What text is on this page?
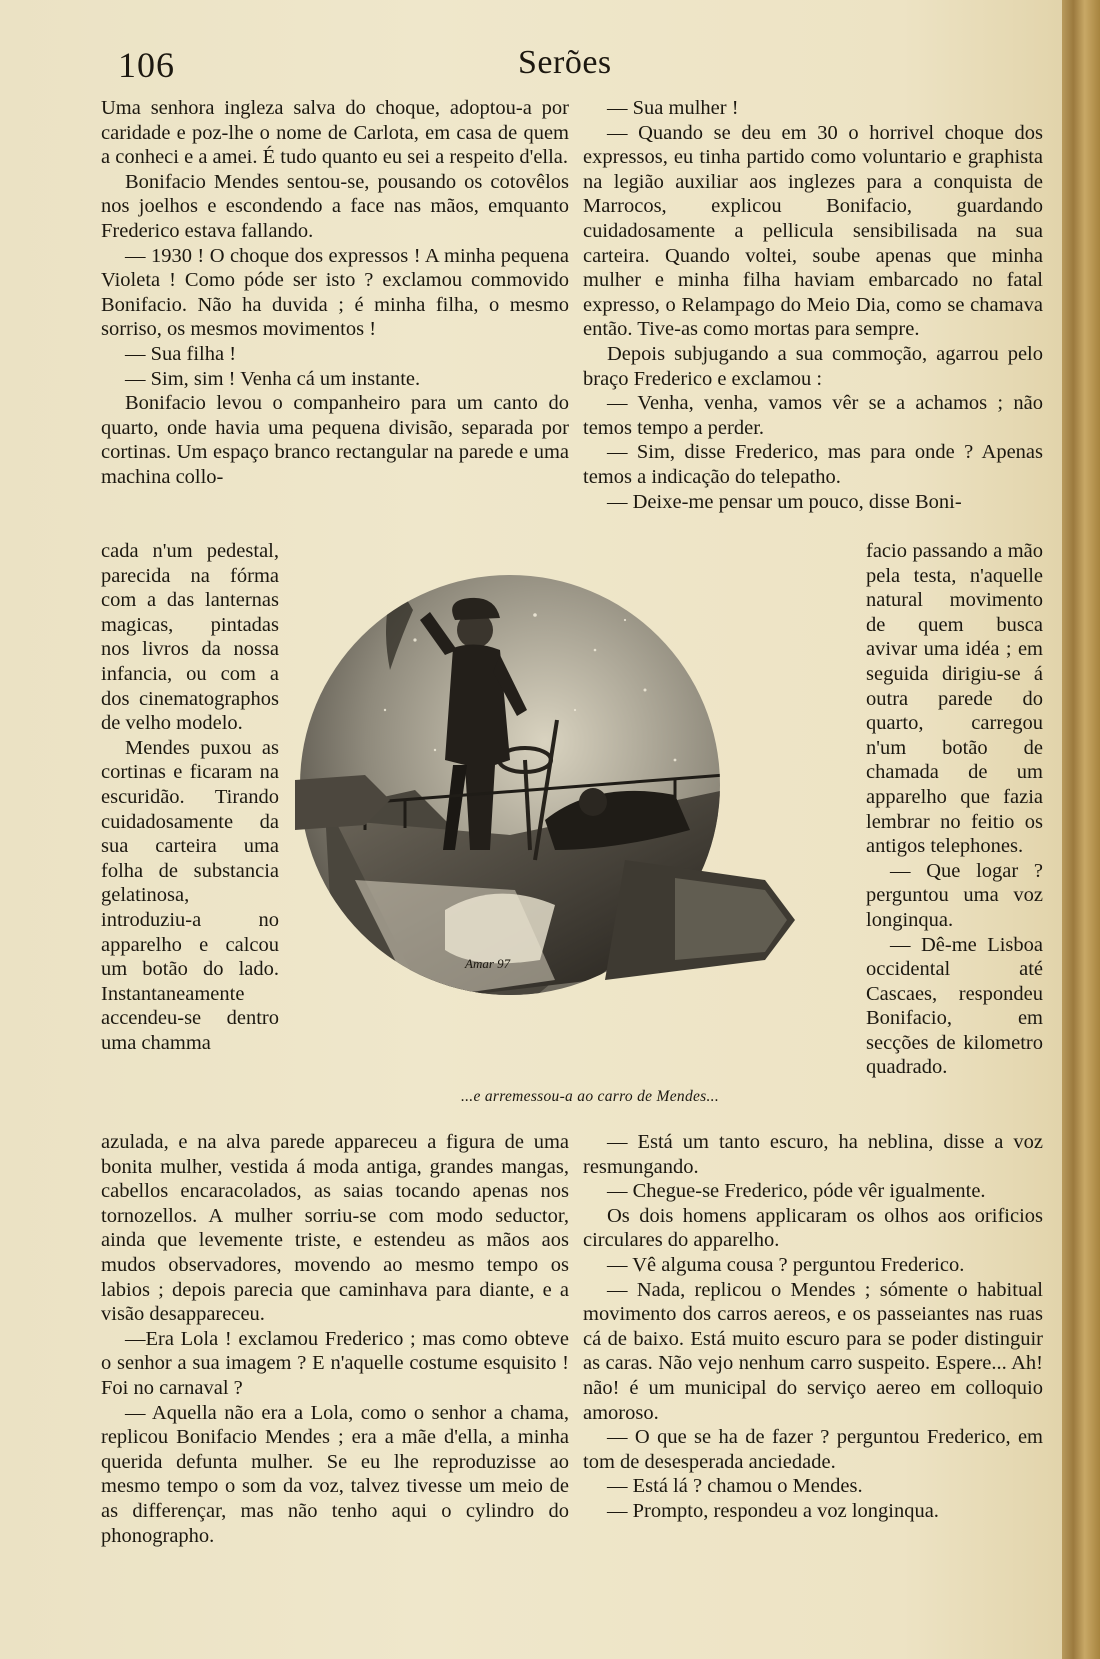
106	Serões

Uma senhora ingleza salva do choque, adoptou-a por caridade e poz-lhe o nome de Carlota, em casa de quem a conheci e a amei. É tudo quanto eu sei a respeito d'ella.

Bonifacio Mendes sentou-se, pousando os cotovêlos nos joelhos e escondendo a face nas mãos, emquanto Frederico estava fallando.

— 1930 ! O choque dos expressos ! A minha pequena Violeta ! Como póde ser isto ? exclamou commovido Bonifacio. Não ha duvida ; é minha filha, o mesmo sorriso, os mesmos movimentos !

— Sua filha !

— Sim, sim ! Venha cá um instante.

Bonifacio levou o companheiro para um canto do quarto, onde havia uma pequena divisão, separada por cortinas. Um espaço branco rectangular na parede e uma machina collo-

cada n'um pedestal, parecida na fórma com a das lanternas magicas, pintadas nos livros da nossa infancia, ou com a dos cinematographos de velho modelo.

Mendes puxou as cortinas e ficaram na escuridão. Tirando cuidadosamente da sua carteira uma folha de substancia gelatinosa, introduziu-a no apparelho e calcou um botão do lado. Instantaneamente accendeu-se dentro uma chamma

— Sua mulher !

— Quando se deu em 30 o horrivel choque dos expressos, eu tinha partido como voluntario e graphista na legião auxiliar aos inglezes para a conquista de Marrocos, explicou Bonifacio, guardando cuidadosamente a pellicula sensibilisada na sua carteira. Quando voltei, soube apenas que minha mulher e minha filha haviam embarcado no fatal expresso, o Relampago do Meio Dia, como se chamava então. Tive-as como mortas para sempre.

Depois subjugando a sua commoção, agarrou pelo braço Frederico e exclamou :

— Venha, venha, vamos vêr se a achamos ; não temos tempo a perder.

— Sim, disse Frederico, mas para onde ? Apenas temos a indicação do telepatho.

— Deixe-me pensar um pouco, disse Boni-

facio passando a mão pela testa, n'aquelle natural movimento de quem busca avivar uma idéa ; em seguida dirigiu-se á outra parede do quarto, carregou n'um botão de chamada de um apparelho que fazia lembrar no feitio os antigos telephones.

— Que logar ? perguntou uma voz longinqua.

— Dê-me Lisboa occidental até Cascaes, respondeu Bonifacio, em secções de kilometro quadrado.

Amar 97
...e arremessou-a ao carro de Mendes...

azulada, e na alva parede appareceu a figura de uma bonita mulher, vestida á moda antiga, grandes mangas, cabellos encaracolados, as saias tocando apenas nos tornozellos. A mulher sorriu-se com modo seductor, ainda que levemente triste, e estendeu as mãos aos mudos observadores, movendo ao mesmo tempo os labios ; depois parecia que caminhava para diante, e a visão desappareceu.

—Era Lola ! exclamou Frederico ; mas como obteve o senhor a sua imagem ? E n'aquelle costume esquisito ! Foi no carnaval ?

— Aquella não era a Lola, como o senhor a chama, replicou Bonifacio Mendes ; era a mãe d'ella, a minha querida defunta mulher. Se eu lhe reproduzisse ao mesmo tempo o som da voz, talvez tivesse um meio de as differençar, mas não tenho aqui o cylindro do phonographo.

— Está um tanto escuro, ha neblina, disse a voz resmungando.

— Chegue-se Frederico, póde vêr igualmente.

Os dois homens applicaram os olhos aos orificios circulares do apparelho.

— Vê alguma cousa ? perguntou Frederico.

— Nada, replicou o Mendes ; sómente o habitual movimento dos carros aereos, e os passeiantes nas ruas cá de baixo. Está muito escuro para se poder distinguir as caras. Não vejo nenhum carro suspeito. Espere... Ah! não! é um municipal do serviço aereo em colloquio amoroso.

— O que se ha de fazer ? perguntou Frederico, em tom de desesperada anciedade.

— Está lá ? chamou o Mendes.

— Prompto, respondeu a voz longinqua.
